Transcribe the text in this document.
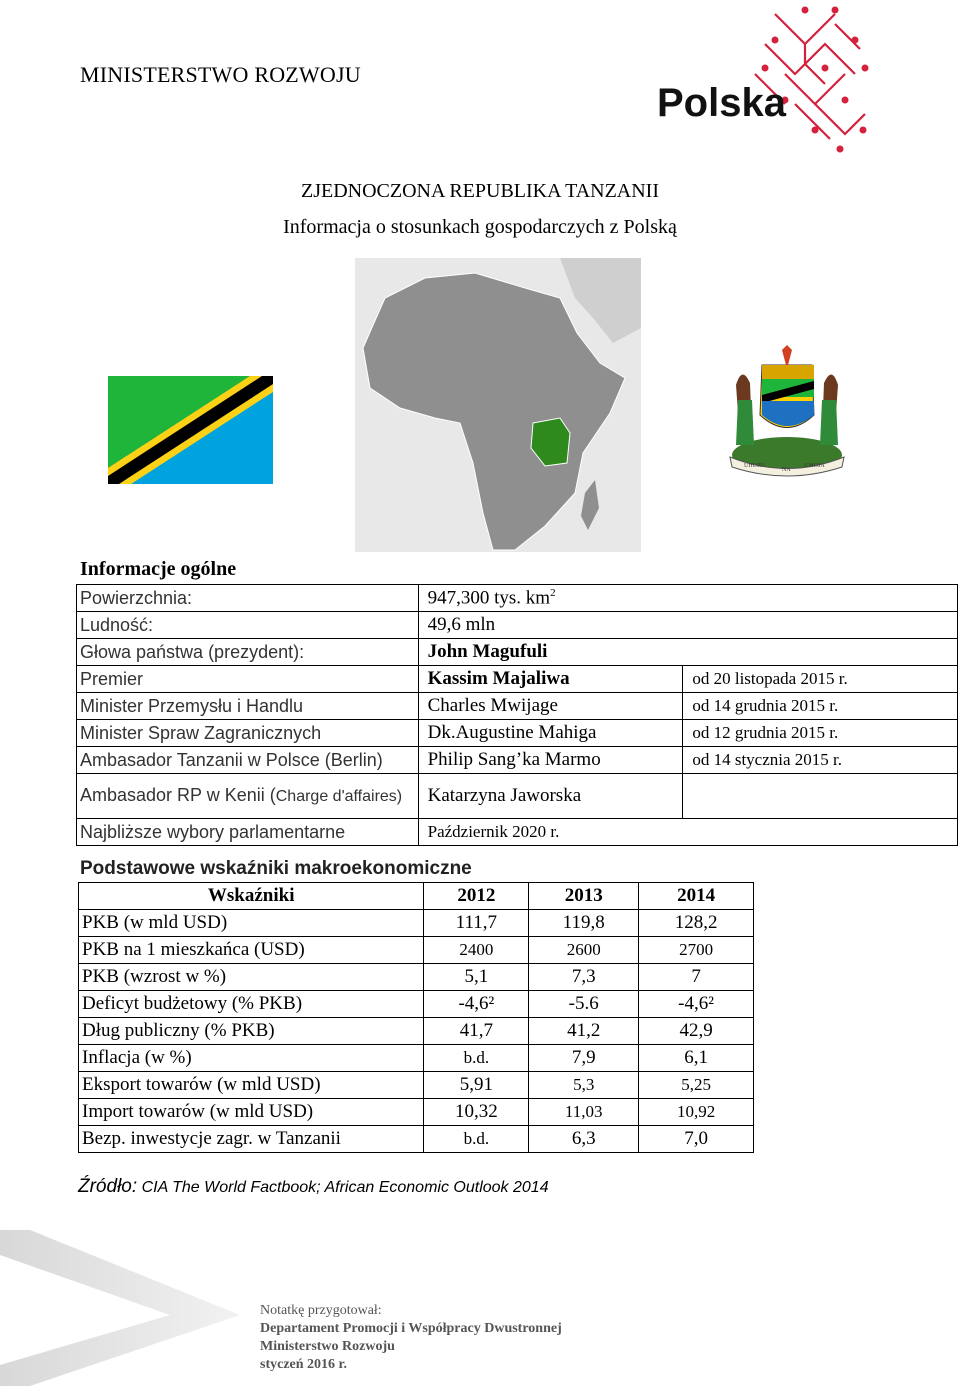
MINISTERSTWO ROZWOJU
Polska
ZJEDNOCZONA REPUBLIKA TANZANII
Informacja o stosunkach gospodarczych z Polską
UHURU
NA
UMOJA
Informacje ogólne
Powierzchnia:	947,300 tys. $km^2$
Ludność:	49,6 mln	
Głowa państwa (prezydent):	John Magufuli	
Premier	Kassim Majaliwa	od 20 listopada 2015 r.
Minister Przemysłu i Handlu	Charles Mwijage	od 14 grudnia 2015 r.
Minister Spraw Zagranicznych	Dk.Augustine Mahiga	od 12 grudnia 2015 r.
Ambasador Tanzanii w Polsce (Berlin)	Philip Sang’ka Marmo	od 14 stycznia 2015 r.
Ambasador RP w Kenii (Charge d'affaires)	Katarzyna Jaworska	
Najbliższe wybory parlamentarne	Październik 2020 r.	
Podstawowe wskaźniki makroekonomiczne
Wskaźniki	2012	2013	2014
PKB (w mld USD)	111,7	119,8	128,2
PKB na 1 mieszkańca (USD)	2400	2600	2700
PKB (wzrost w %)	5,1	7,3	7
Deficyt budżetowy (% PKB)	-4,6²	-5.6	-4,6²
Dług publiczny (% PKB)	41,7	41,2	42,9
Inflacja (w %)	b.d.	7,9	6,1
Eksport towarów (w mld USD)	5,91	5,3	5,25
Import towarów (w mld USD)	10,32	11,03	10,92
Bezp. inwestycje zagr. w Tanzanii	b.d.	6,3	7,0
Źródło: CIA The World Factbook; African Economic Outlook 2014
Notatkę przygotował:
Departament Promocji i Współpracy Dwustronnej
Ministerstwo Rozwoju
styczeń 2016 r.
